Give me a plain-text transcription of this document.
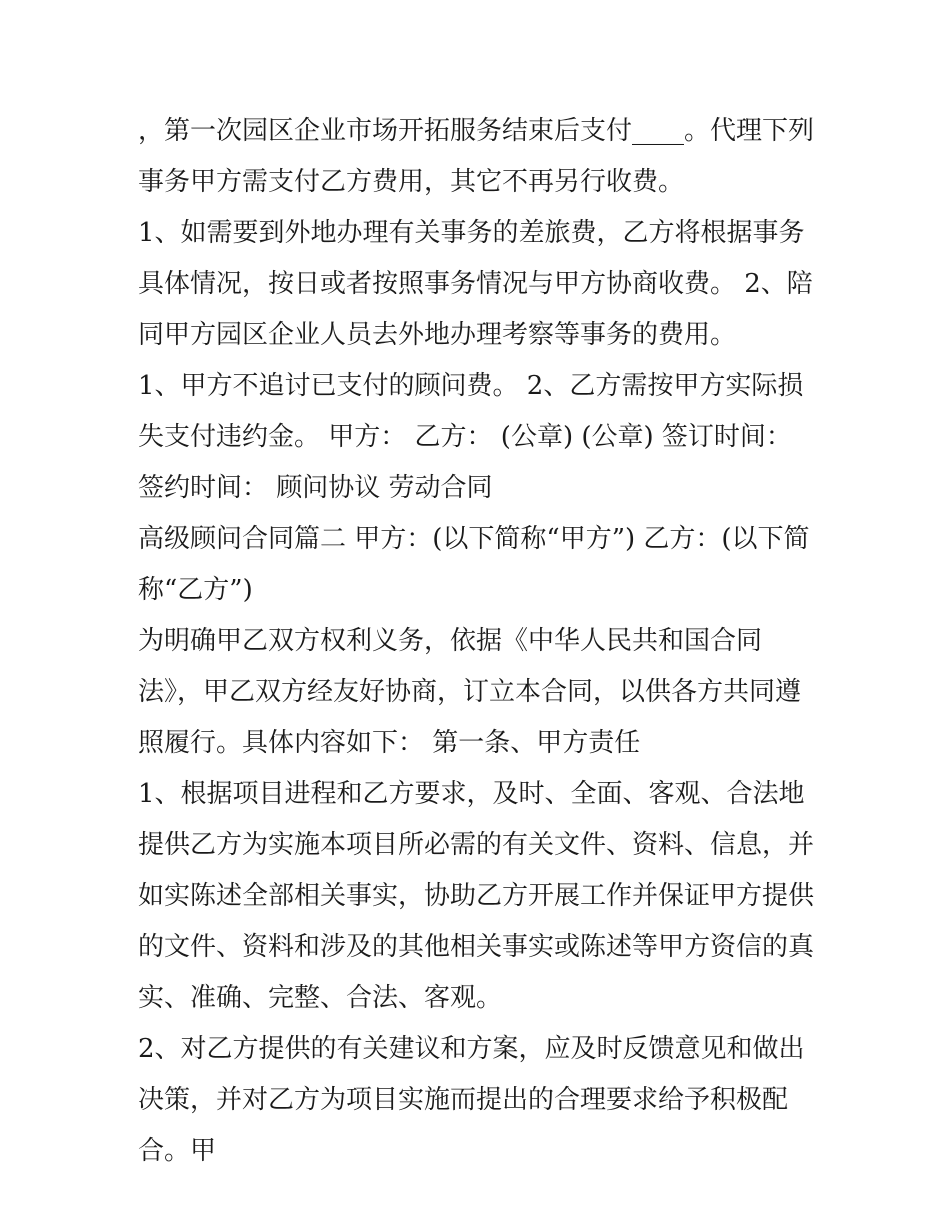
，第一次园区企业市场开拓服务结束后支付____。代理下列事务甲方需支付乙方费用，其它不再另行收费。

1、如需要到外地办理有关事务的差旅费，乙方将根据事务具体情况，按日或者按照事务情况与甲方协商收费。 2、陪同甲方园区企业人员去外地办理考察等事务的费用。

1、甲方不追讨已支付的顾问费。 2、乙方需按甲方实际损失支付违约金。 甲方： 乙方： (公章) (公章) 签订时间： 签约时间： 顾问协议 劳动合同

高级顾问合同篇二 甲方：(以下简称“甲方”) 乙方：(以下简称“乙方”)

为明确甲乙双方权利义务，依据《中华人民共和国合同法》，甲乙双方经友好协商，订立本合同，以供各方共同遵照履行。具体内容如下： 第一条、甲方责任

1、根据项目进程和乙方要求，及时、全面、客观、合法地提供乙方为实施本项目所必需的有关文件、资料、信息，并如实陈述全部相关事实，协助乙方开展工作并保证甲方提供的文件、资料和涉及的其他相关事实或陈述等甲方资信的真实、准确、完整、合法、客观。

2、对乙方提供的有关建议和方案，应及时反馈意见和做出决策，并对乙方为项目实施而提出的合理要求给予积极配合。甲
